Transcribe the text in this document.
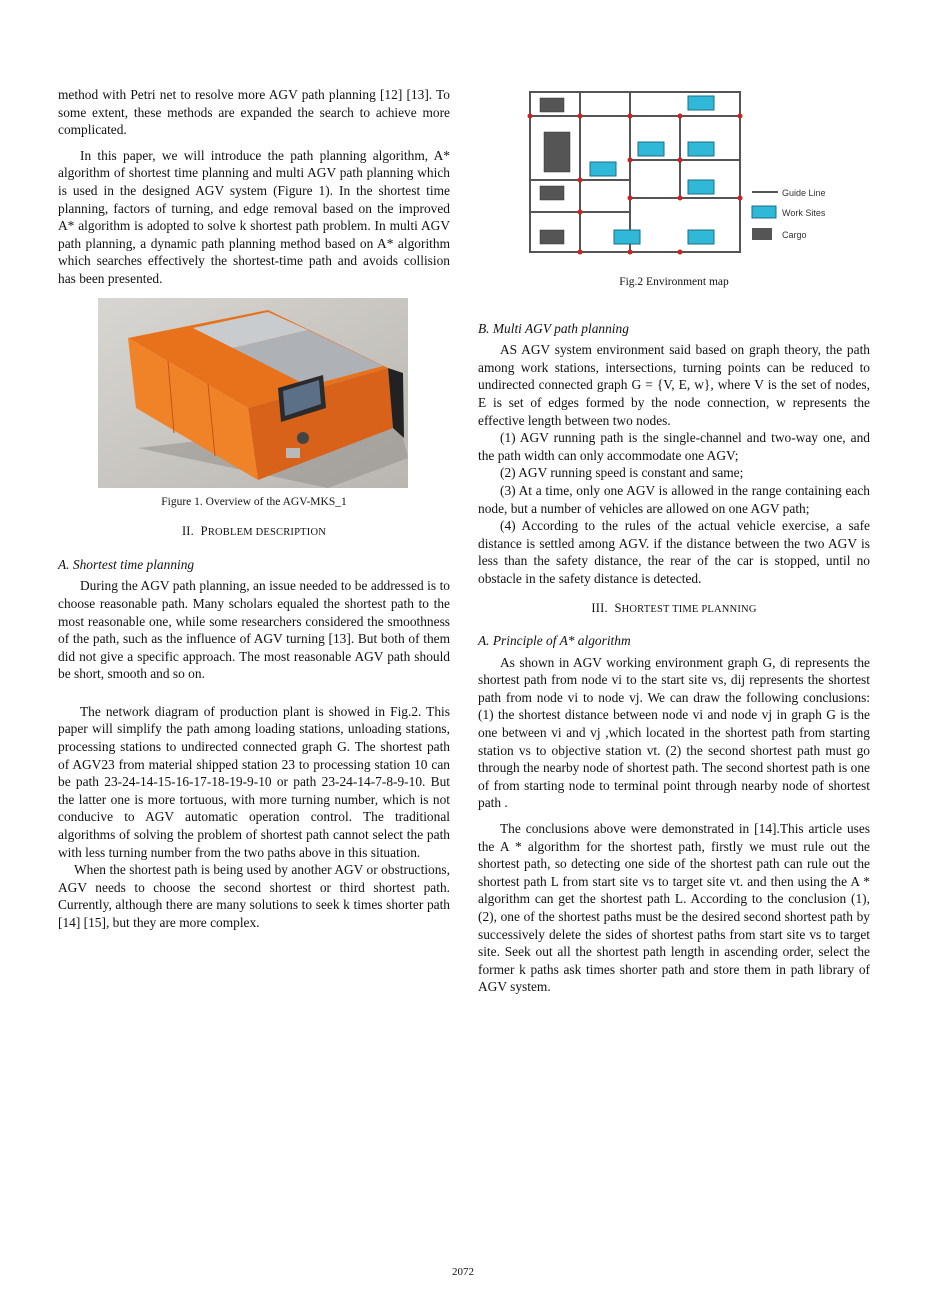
method with Petri net to resolve more AGV path planning [12] [13]. To some extent, these methods are expanded the search to achieve more complicated.

In this paper, we will introduce the path planning algorithm, A* algorithm of shortest time planning and multi AGV path planning which is used in the designed AGV system (Figure 1). In the shortest time planning, factors of turning, and edge removal based on the improved A* algorithm is adopted to solve k shortest path problem. In multi AGV path planning, a dynamic path planning method based on A* algorithm which searches effectively the shortest-time path and avoids collision has been presented.

Figure 1. Overview of the AGV-MKS_1
II. PROBLEM DESCRIPTION

A. Shortest time planning

During the AGV path planning, an issue needed to be addressed is to choose reasonable path. Many scholars equaled the shortest path to the most reasonable one, while some researchers considered the smoothness of the path, such as the influence of AGV turning [13]. But both of them did not give a specific approach. The most reasonable AGV path should be short, smooth and so on.

The network diagram of production plant is showed in Fig.2. This paper will simplify the path among loading stations, unloading stations, processing stations to undirected connected graph G. The shortest path of AGV23 from material shipped station 23 to processing station 10 can be path 23-24-14-15-16-17-18-19-9-10 or path 23-24-14-7-8-9-10. But the latter one is more tortuous, with more turning number, which is not conducive to AGV automatic operation control. The traditional algorithms of solving the problem of shortest path cannot select the path with less turning number from the two paths above in this situation.

When the shortest path is being used by another AGV or obstructions, AGV needs to choose the second shortest or third shortest path. Currently, although there are many solutions to seek k times shorter path [14] [15], but they are more complex.

Guide Line
Work Sites
Cargo
Fig.2 Environment map

B. Multi AGV path planning

AS AGV system environment said based on graph theory, the path among work stations, intersections, turning points can be reduced to undirected connected graph G = {V, E, w}, where V is the set of nodes, E is set of edges formed by the node connection, w represents the effective length between two nodes.

(1) AGV running path is the single-channel and two-way one, and the path width can only accommodate one AGV;

(2) AGV running speed is constant and same;

(3) At a time, only one AGV is allowed in the range containing each node, but a number of vehicles are allowed on one AGV path;

(4) According to the rules of the actual vehicle exercise, a safe distance is settled among AGV. if the distance between the two AGV is less than the safety distance, the rear of the car is stopped, until no obstacle in the safety distance is detected.

III. SHORTEST TIME PLANNING

A. Principle of A* algorithm

As shown in AGV working environment graph G, di represents the shortest path from node vi to the start site vs, dij represents the shortest path from node vi to node vj. We can draw the following conclusions: (1) the shortest distance between node vi and node vj in graph G is the one between vi and vj ,which located in the shortest path from starting station vs to objective station vt. (2) the second shortest path must go through the nearby node of shortest path. The second shortest path is one of from starting node to terminal point through nearby node of shortest path .

The conclusions above were demonstrated in [14].This article uses the A * algorithm for the shortest path, firstly we must rule out the shortest path, so detecting one side of the shortest path can rule out the shortest path L from start site vs to target site vt. and then using the A * algorithm can get the shortest path L. According to the conclusion (1), (2), one of the shortest paths must be the desired second shortest path by successively delete the sides of shortest paths from start site vs to target site. Seek out all the shortest path length in ascending order, select the former k paths ask times shorter path and store them in path library of AGV system.

2072
